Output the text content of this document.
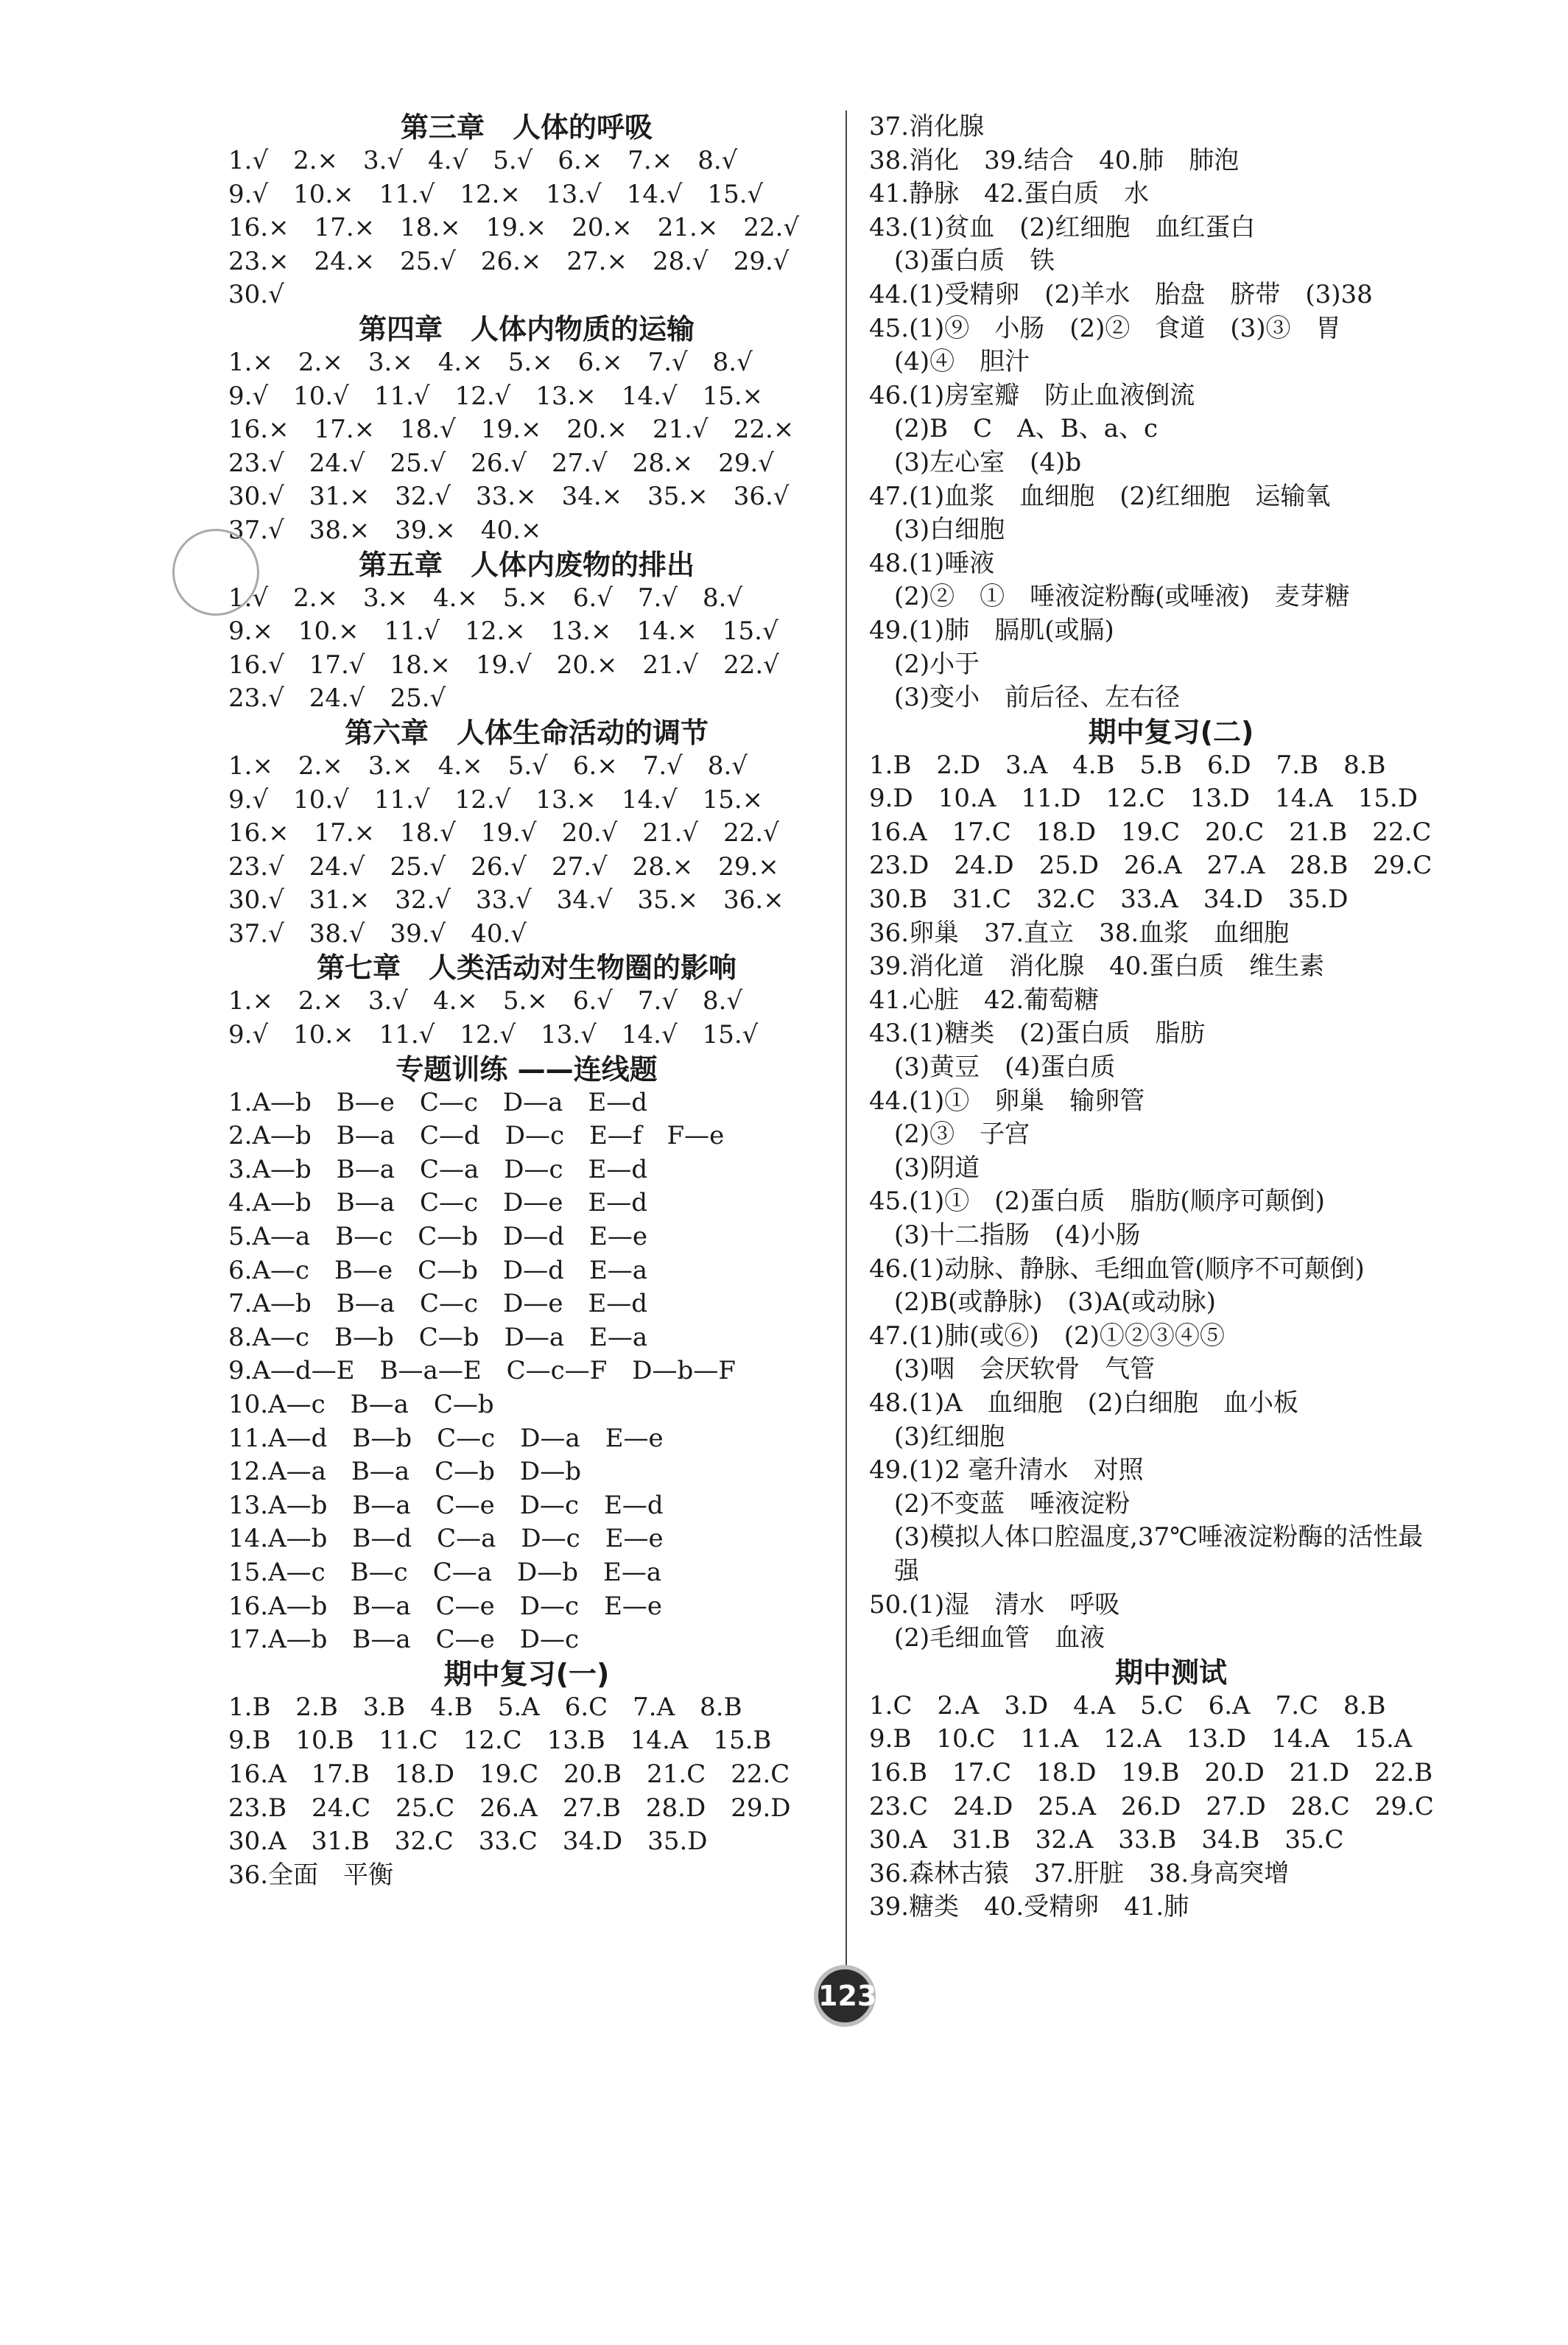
第三章　人体的呼吸
1.√　2.×　3.√　4.√　5.√　6.×　7.×　8.√
9.√　10.×　11.√　12.×　13.√　14.√　15.√
16.×　17.×　18.×　19.×　20.×　21.×　22.√
23.×　24.×　25.√　26.×　27.×　28.√　29.√
30.√
第四章　人体内物质的运输
1.×　2.×　3.×　4.×　5.×　6.×　7.√　8.√
9.√　10.√　11.√　12.√　13.×　14.√　15.×
16.×　17.×　18.√　19.×　20.×　21.√　22.×
23.√　24.√　25.√　26.√　27.√　28.×　29.√
30.√　31.×　32.√　33.×　34.×　35.×　36.√
37.√　38.×　39.×　40.×
第五章　人体内废物的排出
1.√　2.×　3.×　4.×　5.×　6.√　7.√　8.√
9.×　10.×　11.√　12.×　13.×　14.×　15.√
16.√　17.√　18.×　19.√　20.×　21.√　22.√
23.√　24.√　25.√
第六章　人体生命活动的调节
1.×　2.×　3.×　4.×　5.√　6.×　7.√　8.√
9.√　10.√　11.√　12.√　13.×　14.√　15.×
16.×　17.×　18.√　19.√　20.√　21.√　22.√
23.√　24.√　25.√　26.√　27.√　28.×　29.×
30.√　31.×　32.√　33.√　34.√　35.×　36.×
37.√　38.√　39.√　40.√
第七章　人类活动对生物圈的影响
1.×　2.×　3.√　4.×　5.×　6.√　7.√　8.√
9.√　10.×　11.√　12.√　13.√　14.√　15.√
专题训练 ——连线题
1.A—b　B—e　C—c　D—a　E—d
2.A—b　B—a　C—d　D—c　E—f　F—e
3.A—b　B—a　C—a　D—c　E—d
4.A—b　B—a　C—c　D—e　E—d
5.A—a　B—c　C—b　D—d　E—e
6.A—c　B—e　C—b　D—d　E—a
7.A—b　B—a　C—c　D—e　E—d
8.A—c　B—b　C—b　D—a　E—a
9.A—d—E　B—a—E　C—c—F　D—b—F
10.A—c　B—a　C—b
11.A—d　B—b　C—c　D—a　E—e
12.A—a　B—a　C—b　D—b
13.A—b　B—a　C—e　D—c　E—d
14.A—b　B—d　C—a　D—c　E—e
15.A—c　B—c　C—a　D—b　E—a
16.A—b　B—a　C—e　D—c　E—e
17.A—b　B—a　C—e　D—c
期中复习(一)
1.B　2.B　3.B　4.B　5.A　6.C　7.A　8.B
9.B　10.B　11.C　12.C　13.B　14.A　15.B
16.A　17.B　18.D　19.C　20.B　21.C　22.C
23.B　24.C　25.C　26.A　27.B　28.D　29.D
30.A　31.B　32.C　33.C　34.D　35.D
36.全面　平衡
37.消化腺
38.消化　39.结合　40.肺　肺泡
41.静脉　42.蛋白质　水
43.(1)贫血　(2)红细胞　血红蛋白
　(3)蛋白质　铁
44.(1)受精卵　(2)羊水　胎盘　脐带　(3)38
45.(1)⑨　小肠　(2)②　食道　(3)③　胃
　(4)④　胆汁
46.(1)房室瓣　防止血液倒流
　(2)B　C　A、B、a、c
　(3)左心室　(4)b
47.(1)血浆　血细胞　(2)红细胞　运输氧
　(3)白细胞
48.(1)唾液
　(2)②　①　唾液淀粉酶(或唾液)　麦芽糖
49.(1)肺　膈肌(或膈)
　(2)小于
　(3)变小　前后径、左右径
期中复习(二)
1.B　2.D　3.A　4.B　5.B　6.D　7.B　8.B
9.D　10.A　11.D　12.C　13.D　14.A　15.D
16.A　17.C　18.D　19.C　20.C　21.B　22.C
23.D　24.D　25.D　26.A　27.A　28.B　29.C
30.B　31.C　32.C　33.A　34.D　35.D
36.卵巢　37.直立　38.血浆　血细胞
39.消化道　消化腺　40.蛋白质　维生素
41.心脏　42.葡萄糖
43.(1)糖类　(2)蛋白质　脂肪
　(3)黄豆　(4)蛋白质
44.(1)①　卵巢　输卵管
　(2)③　子宫
　(3)阴道
45.(1)①　(2)蛋白质　脂肪(顺序可颠倒)
　(3)十二指肠　(4)小肠
46.(1)动脉、静脉、毛细血管(顺序不可颠倒)
　(2)B(或静脉)　(3)A(或动脉)
47.(1)肺(或⑥)　(2)①②③④⑤
　(3)咽　会厌软骨　气管
48.(1)A　血细胞　(2)白细胞　血小板
　(3)红细胞
49.(1)2 毫升清水　对照
　(2)不变蓝　唾液淀粉
　(3)模拟人体口腔温度,37℃唾液淀粉酶的活性最
　强
50.(1)湿　清水　呼吸
　(2)毛细血管　血液
期中测试
1.C　2.A　3.D　4.A　5.C　6.A　7.C　8.B
9.B　10.C　11.A　12.A　13.D　14.A　15.A
16.B　17.C　18.D　19.B　20.D　21.D　22.B
23.C　24.D　25.A　26.D　27.D　28.C　29.C
30.A　31.B　32.A　33.B　34.B　35.C
36.森林古猿　37.肝脏　38.身高突增
39.糖类　40.受精卵　41.肺
123
